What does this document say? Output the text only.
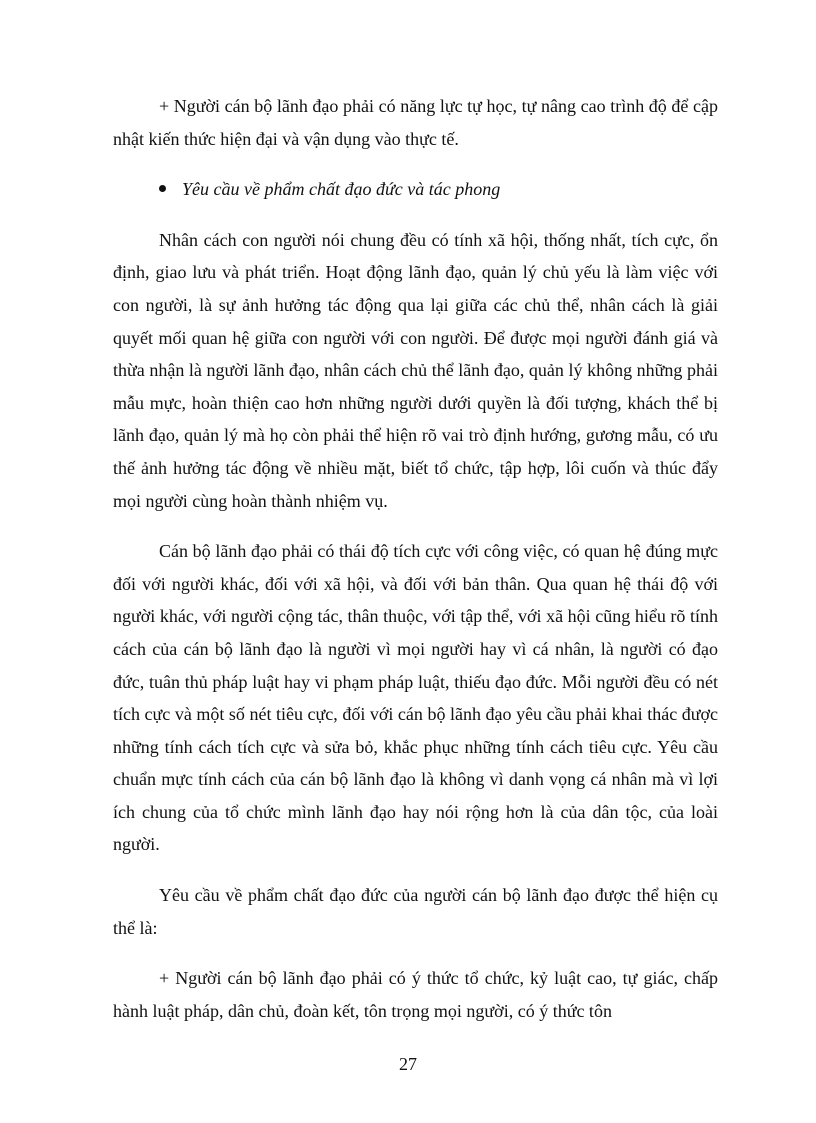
+ Người cán bộ lãnh đạo phải có năng lực tự học, tự nâng cao trình độ để cập nhật kiến thức hiện đại và vận dụng vào thực tế.

Yêu cầu về phẩm chất đạo đức và tác phong

Nhân cách con người nói chung đều có tính xã hội, thống nhất, tích cực, ổn định, giao lưu và phát triển. Hoạt động lãnh đạo, quản lý chủ yếu là làm việc với con người, là sự ảnh hưởng tác động qua lại giữa các chủ thể, nhân cách là giải quyết mối quan hệ giữa con người với con người. Để được mọi người đánh giá và thừa nhận là người lãnh đạo, nhân cách chủ thể lãnh đạo, quản lý không những phải mẫu mực, hoàn thiện cao hơn những người dưới quyền là đối tượng, khách thể bị lãnh đạo, quản lý mà họ còn phải thể hiện rõ vai trò định hướng, gương mẫu, có ưu thế ảnh hưởng tác động về nhiều mặt, biết tổ chức, tập hợp, lôi cuốn và thúc đẩy mọi người cùng hoàn thành nhiệm vụ.

Cán bộ lãnh đạo phải có thái độ tích cực với công việc, có quan hệ đúng mực đối với người khác, đối với xã hội, và đối với bản thân. Qua quan hệ thái độ với người khác, với người cộng tác, thân thuộc, với tập thể, với xã hội cũng hiểu rõ tính cách của cán bộ lãnh đạo là người vì mọi người hay vì cá nhân, là người có đạo đức, tuân thủ pháp luật hay vi phạm pháp luật, thiếu đạo đức. Mỗi người đều có nét tích cực và một số nét tiêu cực, đối với cán bộ lãnh đạo yêu cầu phải khai thác được những tính cách tích cực và sửa bỏ, khắc phục những tính cách tiêu cực. Yêu cầu chuẩn mực tính cách của cán bộ lãnh đạo là không vì danh vọng cá nhân mà vì lợi ích chung của tổ chức mình lãnh đạo hay nói rộng hơn là của dân tộc, của loài người.

Yêu cầu về phẩm chất đạo đức của người cán bộ lãnh đạo được thể hiện cụ thể là:

+ Người cán bộ lãnh đạo phải có ý thức tổ chức, kỷ luật cao, tự giác, chấp hành luật pháp, dân chủ, đoàn kết, tôn trọng mọi người, có ý thức tôn

27
